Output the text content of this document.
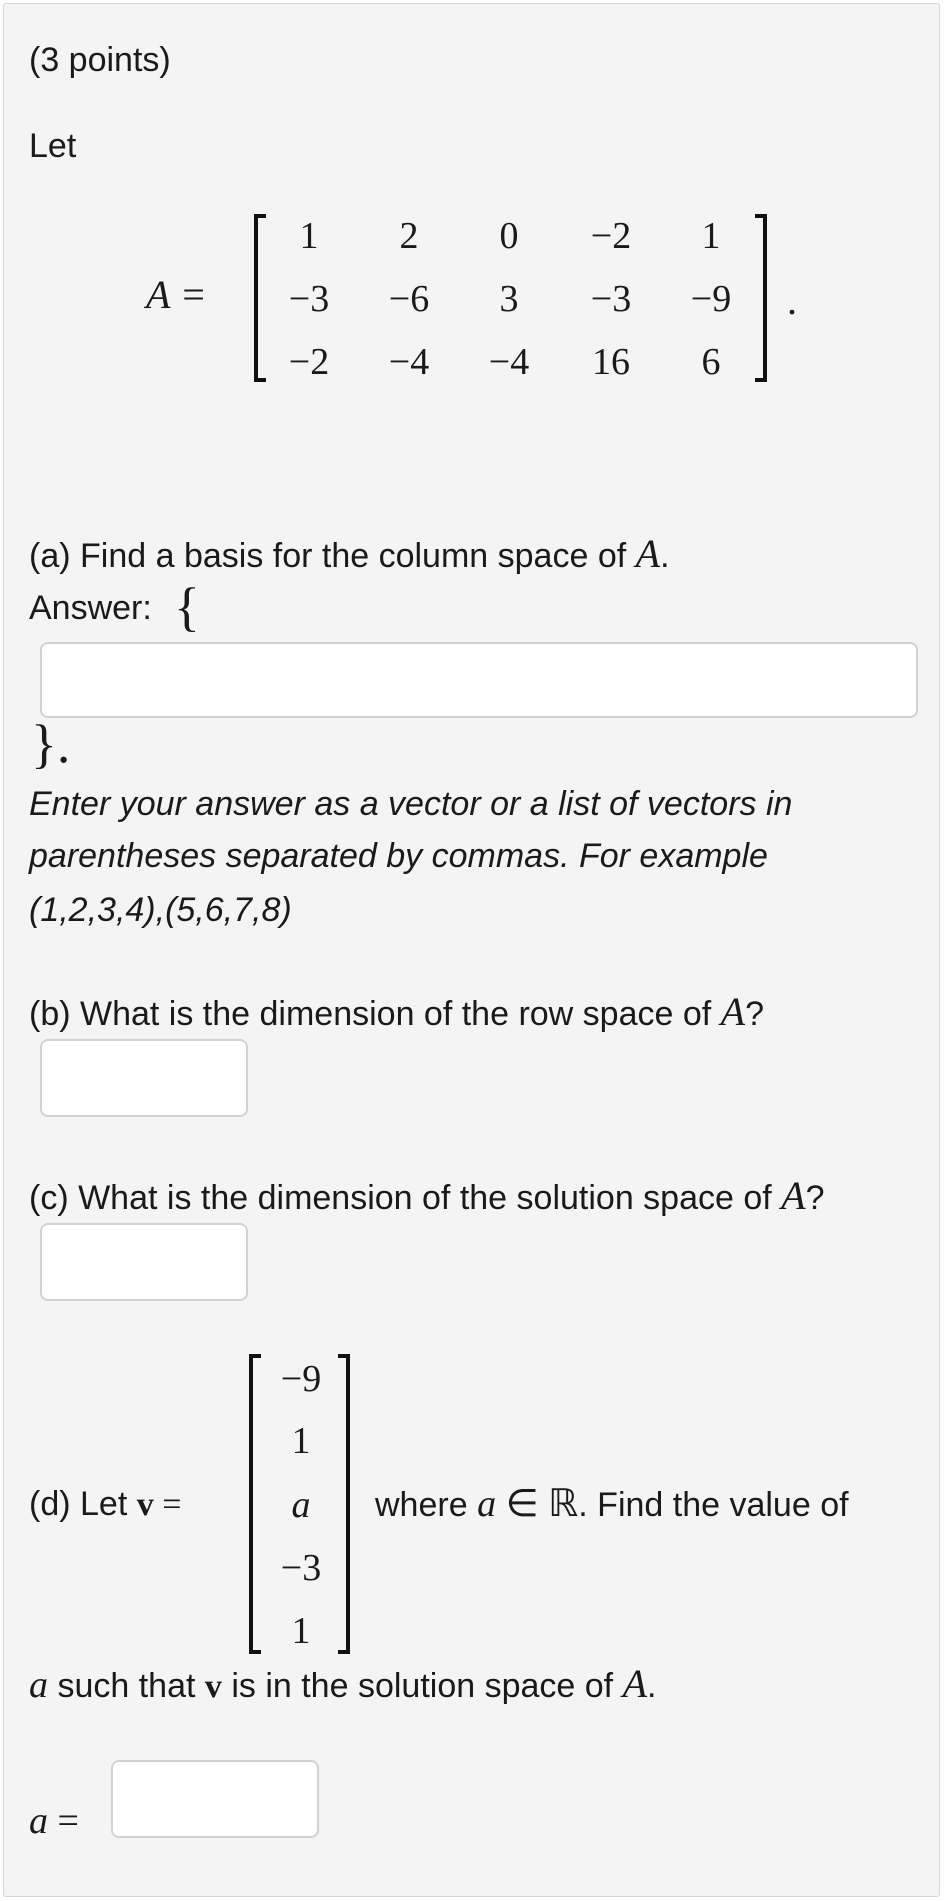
(3 points)
Let
A =
1	2	0	−2	1
−3	−6	3	−3	−9
−2	−4	−4	16	6
.
(a) Find a basis for the column space of A.
Answer: {
}.
Enter your answer as a vector or a list of vectors in
parentheses separated by commas. For example
(1,2,3,4),(5,6,7,8)
(b) What is the dimension of the row space of A?
(c) What is the dimension of the solution space of A?
(d) Let v =
−9
1
a
−3
1
where a ∈ ℝ. Find the value of
a such that v is in the solution space of A.
a =
